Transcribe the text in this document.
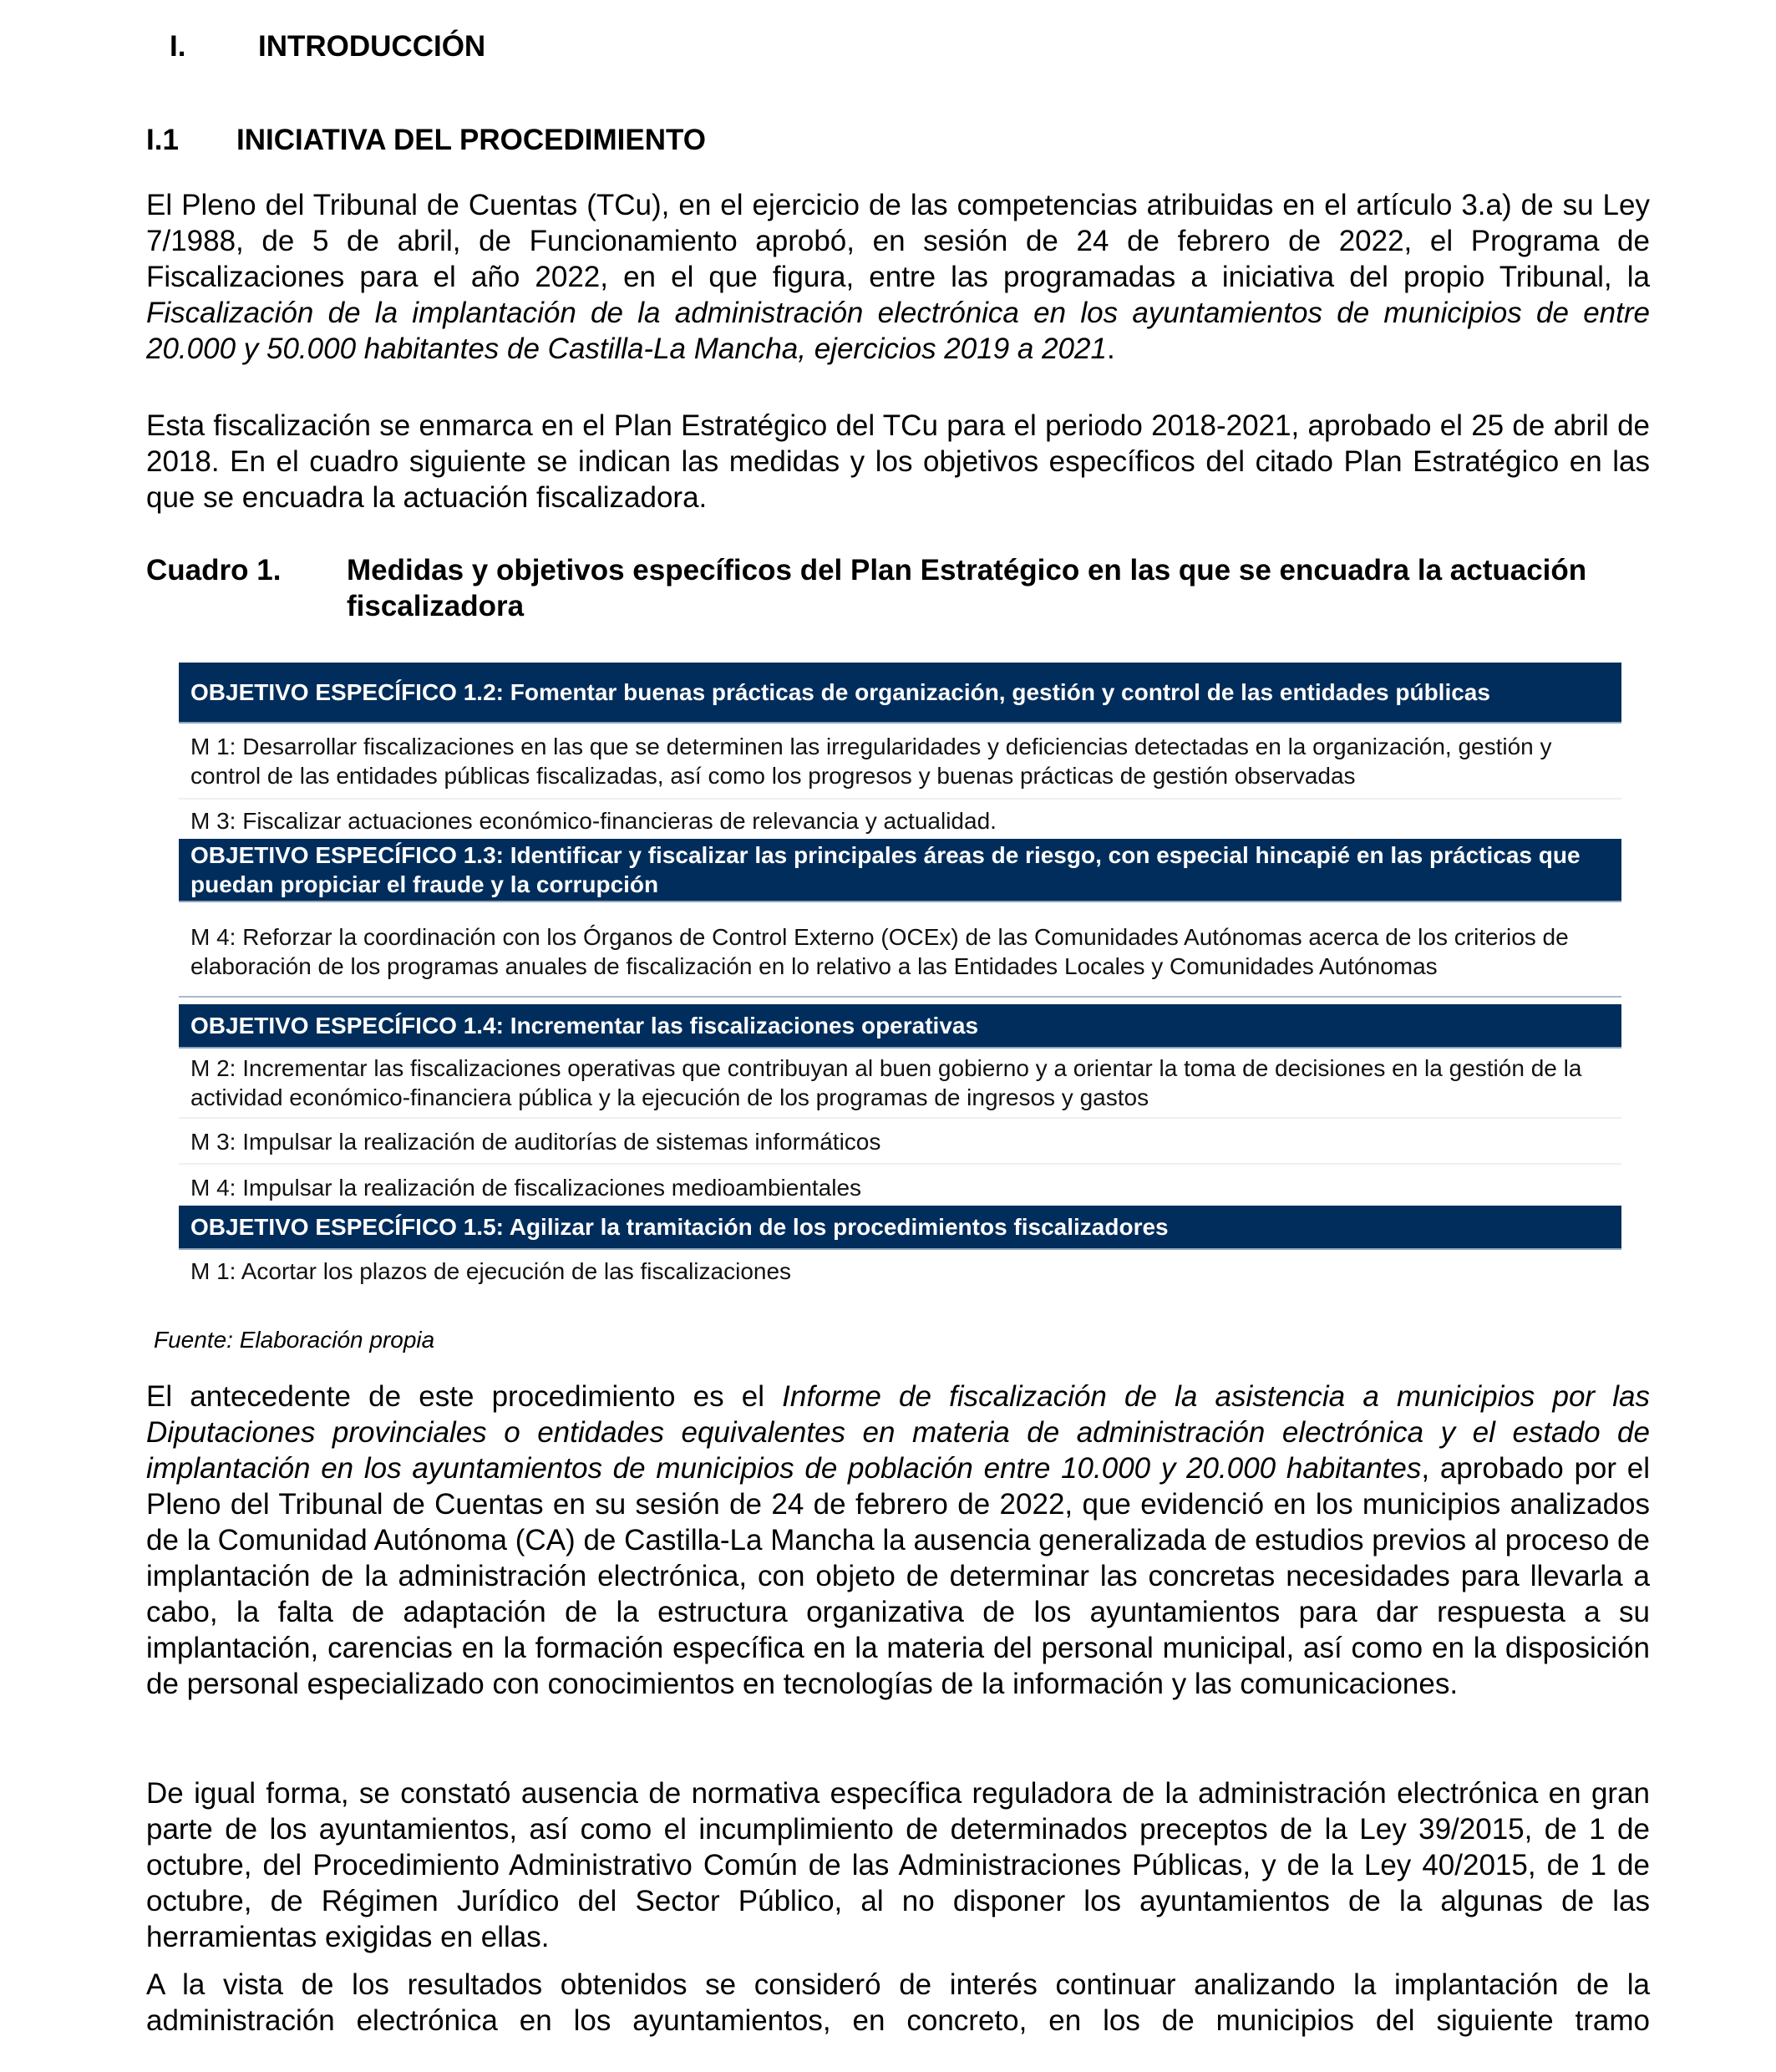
I. INTRODUCCIÓN
I.1 INICIATIVA DEL PROCEDIMIENTO

El Pleno del Tribunal de Cuentas (TCu), en el ejercicio de las competencias atribuidas en el artículo 3.a) de su Ley 7/1988, de 5 de abril, de Funcionamiento aprobó, en sesión de 24 de febrero de 2022, el Programa de Fiscalizaciones para el año 2022, en el que figura, entre las programadas a iniciativa del propio Tribunal, la Fiscalización de la implantación de la administración electrónica en los ayuntamientos de municipios de entre 20.000 y 50.000 habitantes de Castilla-La Mancha, ejercicios 2019 a 2021.

Esta fiscalización se enmarca en el Plan Estratégico del TCu para el periodo 2018-2021, aprobado el 25 de abril de 2018. En el cuadro siguiente se indican las medidas y los objetivos específicos del citado Plan Estratégico en las que se encuadra la actuación fiscalizadora.

Cuadro 1.	Medidas y objetivos específicos del Plan Estratégico en las que se encuadra la actuación fiscalizadora
OBJETIVO ESPECÍFICO 1.2: Fomentar buenas prácticas de organización, gestión y control de las entidades públicas
M 1: Desarrollar fiscalizaciones en las que se determinen las irregularidades y deficiencias detectadas en la organización, gestión y control de las entidades públicas fiscalizadas, así como los progresos y buenas prácticas de gestión observadas
M 3: Fiscalizar actuaciones económico-financieras de relevancia y actualidad.
OBJETIVO ESPECÍFICO 1.3: Identificar y fiscalizar las principales áreas de riesgo, con especial hincapié en las prácticas que puedan propiciar el fraude y la corrupción
M 4: Reforzar la coordinación con los Órganos de Control Externo (OCEx) de las Comunidades Autónomas acerca de los criterios de elaboración de los programas anuales de fiscalización en lo relativo a las Entidades Locales y Comunidades Autónomas
OBJETIVO ESPECÍFICO 1.4: Incrementar las fiscalizaciones operativas
M 2: Incrementar las fiscalizaciones operativas que contribuyan al buen gobierno y a orientar la toma de decisiones en la gestión de la actividad económico-financiera pública y la ejecución de los programas de ingresos y gastos
M 3: Impulsar la realización de auditorías de sistemas informáticos
M 4: Impulsar la realización de fiscalizaciones medioambientales
OBJETIVO ESPECÍFICO 1.5: Agilizar la tramitación de los procedimientos fiscalizadores
M 1: Acortar los plazos de ejecución de las fiscalizaciones
Fuente: Elaboración propia

El antecedente de este procedimiento es el Informe de fiscalización de la asistencia a municipios por las Diputaciones provinciales o entidades equivalentes en materia de administración electrónica y el estado de implantación en los ayuntamientos de municipios de población entre 10.000 y 20.000 habitantes, aprobado por el Pleno del Tribunal de Cuentas en su sesión de 24 de febrero de 2022, que evidenció en los municipios analizados de la Comunidad Autónoma (CA) de Castilla-La Mancha la ausencia generalizada de estudios previos al proceso de implantación de la administración electrónica, con objeto de determinar las concretas necesidades para llevarla a cabo, la falta de adaptación de la estructura organizativa de los ayuntamientos para dar respuesta a su implantación, carencias en la formación específica en la materia del personal municipal, así como en la disposición de personal especializado con conocimientos en tecnologías de la información y las comunicaciones.

De igual forma, se constató ausencia de normativa específica reguladora de la administración electrónica en gran parte de los ayuntamientos, así como el incumplimiento de determinados preceptos de la Ley 39/2015, de 1 de octubre, del Procedimiento Administrativo Común de las Administraciones Públicas, y de la Ley 40/2015, de 1 de octubre, de Régimen Jurídico del Sector Público, al no disponer los ayuntamientos de la algunas de las herramientas exigidas en ellas.

A la vista de los resultados obtenidos se consideró de interés continuar analizando la implantación de la administración electrónica en los ayuntamientos, en concreto, en los de municipios del siguiente tramo
